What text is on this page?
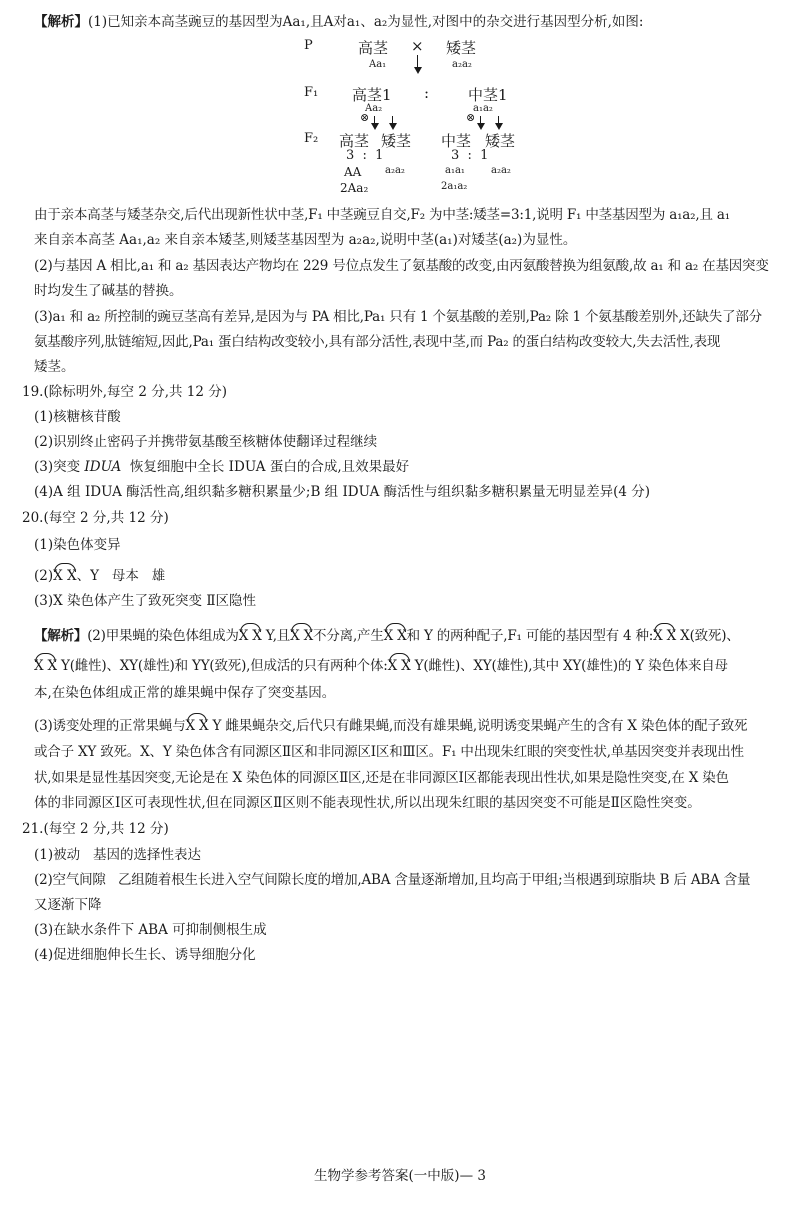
【解析】(1)已知亲本高茎豌豆的基因型为Aa₁,且A对a₁、a₂为显性,对图中的杂交进行基因型分析,如图:
P	高茎 × 矮茎
Aa₁	a₂a₂
F₁ 高茎1 :	中茎1
Aa₂	a₁a₂
⊗	⊗
F₂ 高茎 矮茎 中茎 矮茎
3  :  1	3  :  1
AA a₂a₂	a₁a₁	a₂a₂
2Aa₂	2a₁a₂
由于亲本高茎与矮茎杂交,后代出现新性状中茎,F₁ 中茎豌豆自交,F₂ 为中茎:矮茎=3:1,说明 F₁ 中茎基因型为 a₁a₂,且 a₁
来自亲本高茎 Aa₁,a₂ 来自亲本矮茎,则矮茎基因型为 a₂a₂,说明中茎(a₁)对矮茎(a₂)为显性。
(2)与基因 A 相比,a₁ 和 a₂ 基因表达产物均在 229 号位点发生了氨基酸的改变,由丙氨酸替换为组氨酸,故 a₁ 和 a₂ 在基因突变
时均发生了碱基的替换。
(3)a₁ 和 a₂ 所控制的豌豆茎高有差异,是因为与 PA 相比,Pa₁ 只有 1 个氨基酸的差别,Pa₂ 除 1 个氨基酸差别外,还缺失了部分
氨基酸序列,肽链缩短,因此,Pa₁ 蛋白结构改变较小,具有部分活性,表现中茎,而 Pa₂ 的蛋白结构改变较大,失去活性,表现
矮茎。
19.(除标明外,每空 2 分,共 12 分)
(1)核糖核苷酸
(2)识别终止密码子并携带氨基酸至核糖体使翻译过程继续
(3)突变 IDUA  恢复细胞中全长 IDUA 蛋白的合成,且效果最好
(4)A 组 IDUA 酶活性高,组织黏多糖积累量少;B 组 IDUA 酶活性与组织黏多糖积累量无明显差异(4 分)
20.(每空 2 分,共 12 分)
(1)染色体变异
(2)X X、Y   母本   雄
(3)X 染色体产生了致死突变 Ⅱ区隐性
【解析】(2)甲果蝇的染色体组成为X X Y,且X X不分离,产生X X和 Y 的两种配子,F₁ 可能的基因型有 4 种:X X X(致死)、
X X Y(雌性)、XY(雄性)和 YY(致死),但成活的只有两种个体:X X Y(雌性)、XY(雄性),其中 XY(雄性)的 Y 染色体来自母
本,在染色体组成正常的雄果蝇中保存了突变基因。
(3)诱变处理的正常果蝇与X X Y 雌果蝇杂交,后代只有雌果蝇,而没有雄果蝇,说明诱变果蝇产生的含有 X 染色体的配子致死
或合子 XY 致死。X、Y 染色体含有同源区Ⅱ区和非同源区Ⅰ区和Ⅲ区。F₁ 中出现朱红眼的突变性状,单基因突变并表现出性
状,如果是显性基因突变,无论是在 X 染色体的同源区Ⅱ区,还是在非同源区Ⅰ区都能表现出性状,如果是隐性突变,在 X 染色
体的非同源区Ⅰ区可表现性状,但在同源区Ⅱ区则不能表现性状,所以出现朱红眼的基因突变不可能是Ⅱ区隐性突变。
21.(每空 2 分,共 12 分)
(1)被动   基因的选择性表达
(2)空气间隙   乙组随着根生长进入空气间隙长度的增加,ABA 含量逐渐增加,且均高于甲组;当根遇到琼脂块 B 后 ABA 含量
又逐渐下降
(3)在缺水条件下 ABA 可抑制侧根生成
(4)促进细胞伸长生长、诱导细胞分化
生物学参考答案(一中版)— 3
